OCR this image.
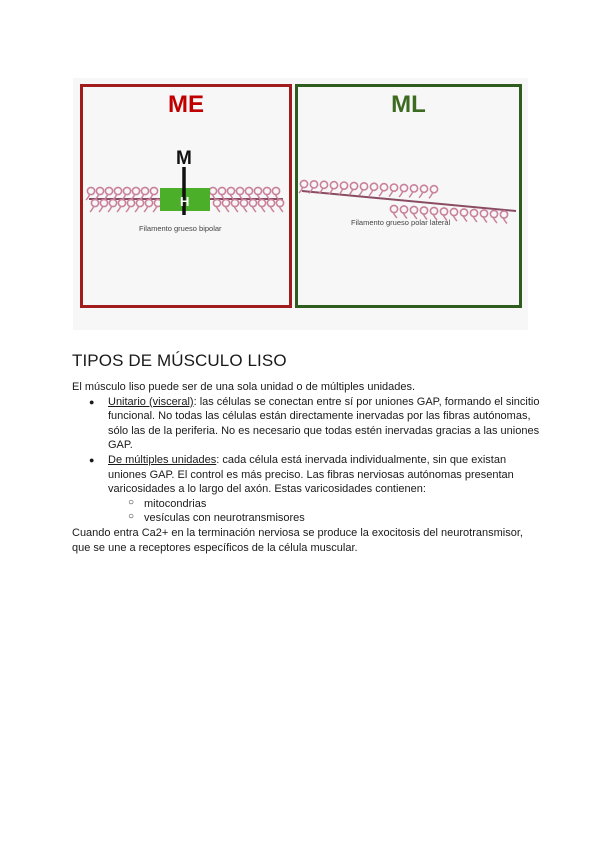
M
H
ME
Filamento grueso bipolar
ML
Filamento grueso polar lateral
TIPOS DE MÚSCULO LISO

El músculo liso puede ser de una sola unidad o de múltiples unidades.

● Unitario (visceral): las células se conectan entre sí por uniones GAP, formando el sincitio funcional. No todas las células están directamente inervadas por las fibras autónomas, sólo las de la periferia. No es necesario que todas estén inervadas gracias a las uniones GAP.
● De múltiples unidades: cada célula está inervada individualmente, sin que existan uniones GAP. El control es más preciso. Las fibras nerviosas autónomas presentan varicosidades a lo largo del axón. Estas varicosidades contienen:
○ mitocondrias
○ vesículas con neurotransmisores

Cuando entra Ca2+ en la terminación nerviosa se produce la exocitosis del neurotransmisor, que se une a receptores específicos de la célula muscular.
